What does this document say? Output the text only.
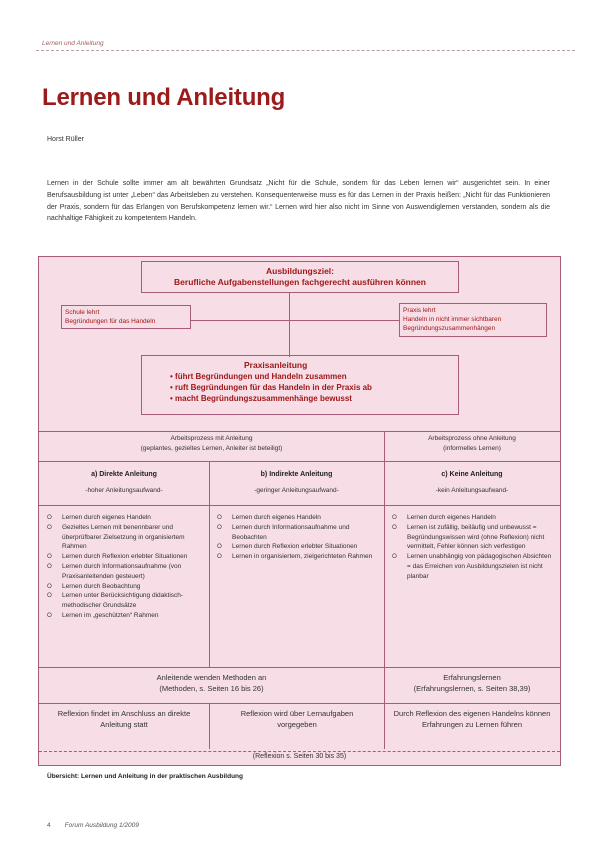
Lernen und Anleitung
Lernen und Anleitung
Horst Rüller
Lernen in der Schule sollte immer am alt bewährten Grundsatz „Nicht für die Schule, sondern für das Leben lernen wir“ ausgerichtet sein. In einer Berufsausbildung ist unter „Leben“ das Arbeitsleben zu verstehen. Konsequenterweise muss es für das Lernen in der Praxis heißen: „Nicht für das Funktionieren der Praxis, sondern für das Erlangen von Berufskompetenz lernen wir.“ Lernen wird hier also nicht im Sinne von Auswendiglernen verstanden, sondern als die nachhaltige Fähigkeit zu kompetentem Handeln.
Ausbildungsziel:
Berufliche Aufgabenstellungen fachgerecht ausführen können
Schule lehrt
Begründungen für das Handeln
Praxis lehrt
Handeln in nicht immer sichtbaren
Begründungszusammenhängen
Praxisanleitung
• führt Begründungen und Handeln zusammen
• ruft Begründungen für das Handeln in der Praxis ab
• macht Begründungszusammenhänge bewusst
Arbeitsprozess mit Anleitung
(geplantes, gezieltes Lernen, Anleiter ist beteiligt)
Arbeitsprozess ohne Anleitung
(informelles Lernen)
a) Direkte Anleitung
-hoher Anleitungsaufwand-
b) Indirekte Anleitung
-geringer Anleitungsaufwand-
c) Keine Anleitung
-kein Anleitungsaufwand-
⭘ Lernen durch eigenes Handeln
⭘ Gezieltes Lernen mit benennbarer und überprüfbarer Zielsetzung in organisiertem Rahmen
⭘ Lernen durch Reflexion erlebter Situationen
⭘ Lernen durch Informationsaufnahme (von Praxisanleitenden gesteuert)
⭘ Lernen durch Beobachtung
⭘ Lernen unter Berücksichtigung didaktisch-methodischer Grundsätze
⭘ Lernen im „geschützten“ Rahmen
⭘ Lernen durch eigenes Handeln
⭘ Lernen durch Informationsaufnahme und Beobachten
⭘ Lernen durch Reflexion erlebter Situationen
⭘ Lernen in organisiertem, zielgerichteten Rahmen
⭘ Lernen durch eigenes Handeln
⭘ Lernen ist zufällig, beiläufig und unbewusst = Begründungswissen wird (ohne Reflexion) nicht vermittelt, Fehler können sich verfestigen
⭘ Lernen unabhängig von pädagogischen Absichten = das Erreichen von Ausbildungszielen ist nicht planbar
Anleitende wenden Methoden an
(Methoden, s. Seiten 16 bis 26)
Erfahrungslernen
(Erfahrungslernen, s. Seiten 38,39)
Reflexion findet im Anschluss an direkte Anleitung statt
Reflexion wird über Lernaufgaben vorgegeben
Durch Reflexion des eigenen Handelns können Erfahrungen zu Lernen führen
(Reflexion s. Seiten 30 bis 35)
Übersicht: Lernen und Anleitung in der praktischen Ausbildung
4 Forum Ausbildung 1/2009
